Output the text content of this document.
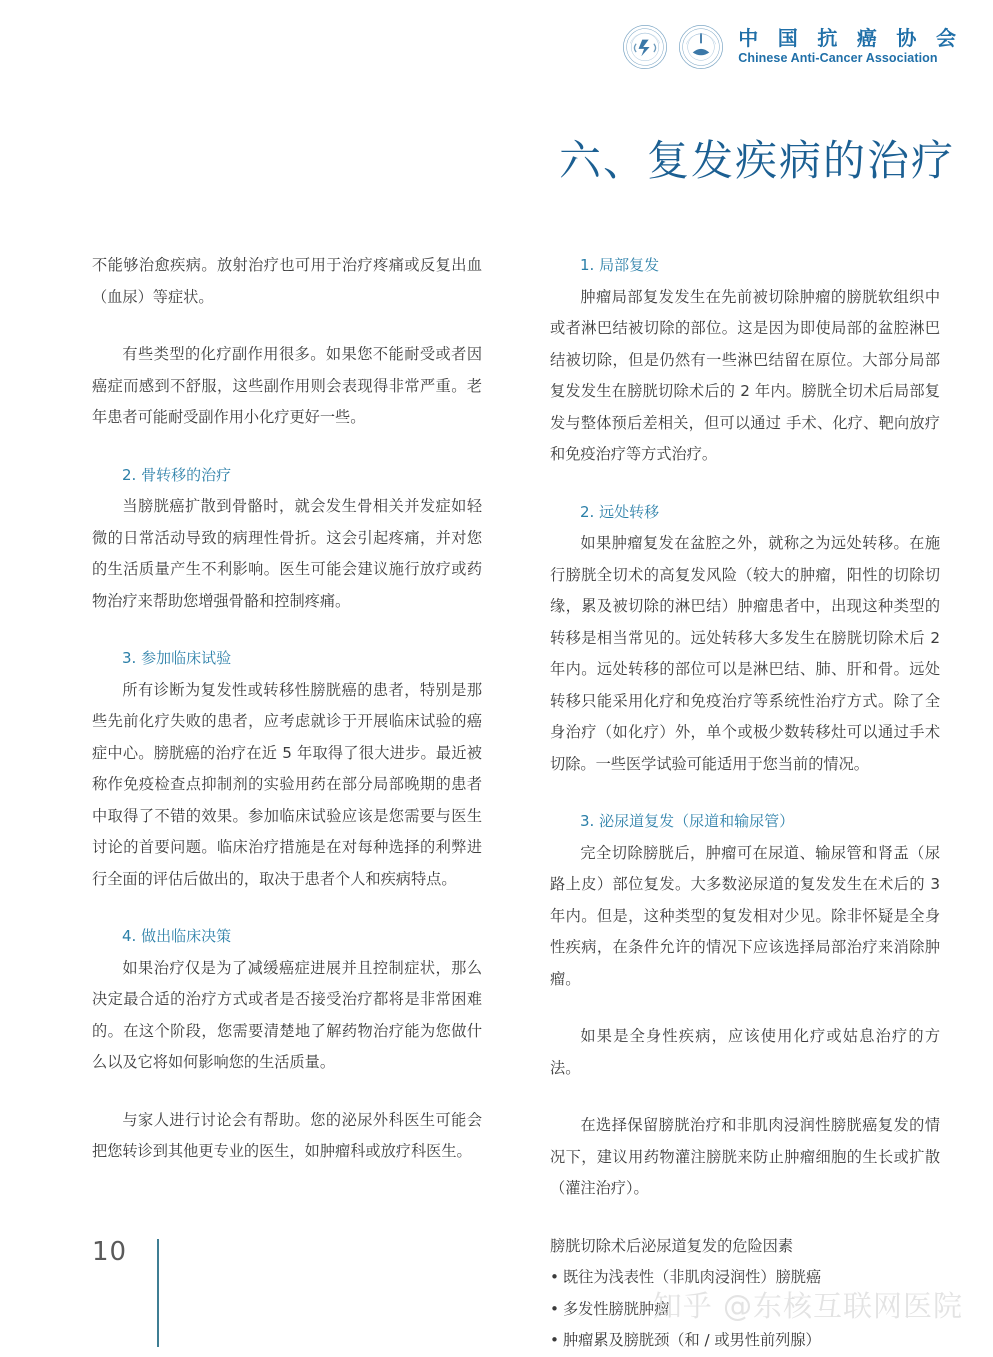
中 国 抗 癌 协 会
Chinese Anti-Cancer Association
六、复发疾病的治疗

不能够治愈疾病。放射治疗也可用于治疗疼痛或反复出血（血尿）等症状。

有些类型的化疗副作用很多。如果您不能耐受或者因癌症而感到不舒服，这些副作用则会表现得非常严重。老年患者可能耐受副作用小化疗更好一些。

2. 骨转移的治疗

当膀胱癌扩散到骨骼时，就会发生骨相关并发症如轻微的日常活动导致的病理性骨折。这会引起疼痛，并对您的生活质量产生不利影响。医生可能会建议施行放疗或药物治疗来帮助您增强骨骼和控制疼痛。

3. 参加临床试验

所有诊断为复发性或转移性膀胱癌的患者，特别是那些先前化疗失败的患者，应考虑就诊于开展临床试验的癌症中心。膀胱癌的治疗在近 5 年取得了很大进步。最近被称作免疫检查点抑制剂的实验用药在部分局部晚期的患者中取得了不错的效果。参加临床试验应该是您需要与医生讨论的首要问题。临床治疗措施是在对每种选择的利弊进行全面的评估后做出的，取决于患者个人和疾病特点。

4. 做出临床决策

如果治疗仅是为了减缓癌症进展并且控制症状，那么决定最合适的治疗方式或者是否接受治疗都将是非常困难的。在这个阶段，您需要清楚地了解药物治疗能为您做什么以及它将如何影响您的生活质量。

与家人进行讨论会有帮助。您的泌尿外科医生可能会把您转诊到其他更专业的医生，如肿瘤科或放疗科医生。

1. 局部复发

肿瘤局部复发发生在先前被切除肿瘤的膀胱软组织中或者淋巴结被切除的部位。这是因为即使局部的盆腔淋巴结被切除，但是仍然有一些淋巴结留在原位。大部分局部复发发生在膀胱切除术后的 2 年内。膀胱全切术后局部复发与整体预后差相关，但可以通过 手术、化疗、靶向放疗和免疫治疗等方式治疗。

2. 远处转移

如果肿瘤复发在盆腔之外，就称之为远处转移。在施行膀胱全切术的高复发风险（较大的肿瘤，阳性的切除切缘，累及被切除的淋巴结）肿瘤患者中，出现这种类型的转移是相当常见的。远处转移大多发生在膀胱切除术后 2 年内。远处转移的部位可以是淋巴结、肺、肝和骨。远处转移只能采用化疗和免疫治疗等系统性治疗方式。除了全身治疗（如化疗）外，单个或极少数转移灶可以通过手术切除。一些医学试验可能适用于您当前的情况。

3. 泌尿道复发（尿道和输尿管）

完全切除膀胱后，肿瘤可在尿道、输尿管和肾盂（尿路上皮）部位复发。大多数泌尿道的复发发生在术后的 3 年内。但是，这种类型的复发相对少见。除非怀疑是全身性疾病，在条件允许的情况下应该选择局部治疗来消除肿瘤。

如果是全身性疾病，应该使用化疗或姑息治疗的方法。

在选择保留膀胱治疗和非肌肉浸润性膀胱癌复发的情况下，建议用药物灌注膀胱来防止肿瘤细胞的生长或扩散（灌注治疗）。

膀胱切除术后泌尿道复发的危险因素
• 既往为浅表性（非肌肉浸润性）膀胱癌
• 多发性膀胱肿瘤
• 肿瘤累及膀胱颈（和 / 或男性前列腺）
10
知乎 @东核互联网医院
